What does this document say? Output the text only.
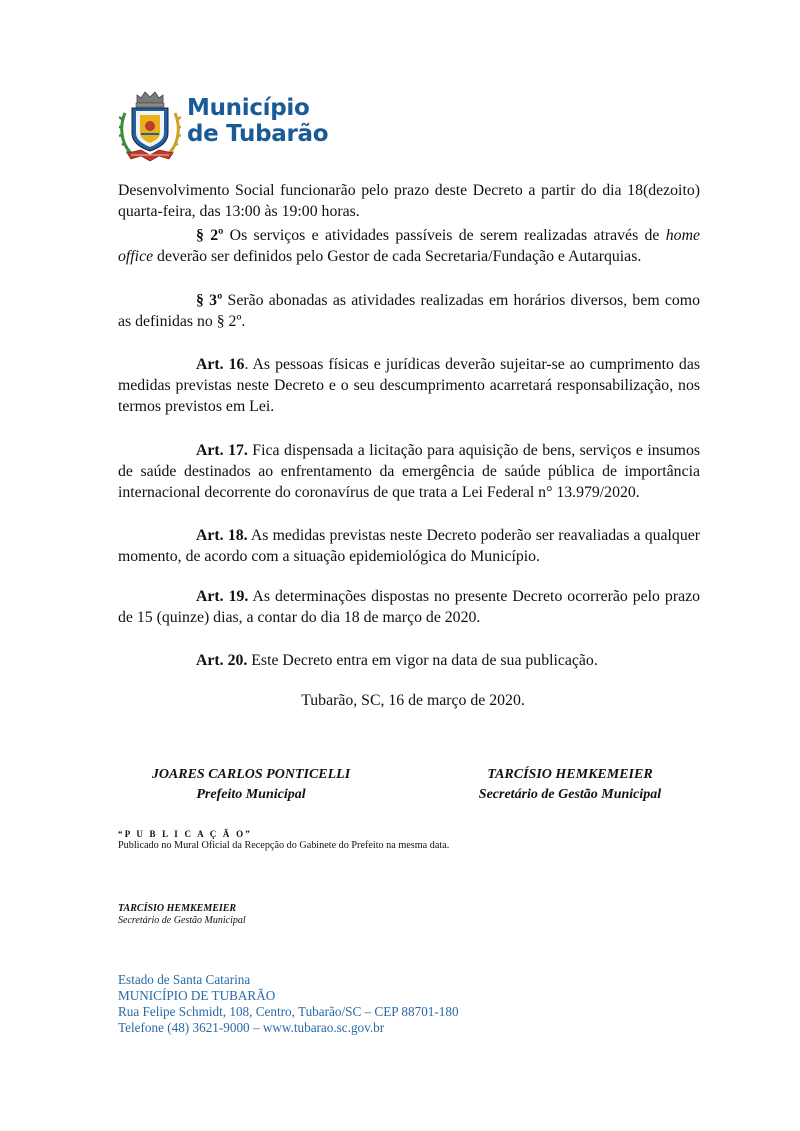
Município
de Tubarão

Desenvolvimento Social funcionarão pelo prazo deste Decreto a partir do dia 18(dezoito) quarta-feira, das 13:00 às 19:00 horas.

§ 2º Os serviços e atividades passíveis de serem realizadas através de home office deverão ser definidos pelo Gestor de cada Secretaria/Fundação e Autarquias.

§ 3º Serão abonadas as atividades realizadas em horários diversos, bem como as definidas no § 2º.

Art. 16. As pessoas físicas e jurídicas deverão sujeitar-se ao cumprimento das medidas previstas neste Decreto e o seu descumprimento acarretará responsabilização, nos termos previstos em Lei.

Art. 17. Fica dispensada a licitação para aquisição de bens, serviços e insumos de saúde destinados ao enfrentamento da emergência de saúde pública de importância internacional decorrente do coronavírus de que trata a Lei Federal n° 13.979/2020.

Art. 18. As medidas previstas neste Decreto poderão ser reavaliadas a qualquer momento, de acordo com a situação epidemiológica do Município.

Art. 19. As determinações dispostas no presente Decreto ocorrerão pelo prazo de 15 (quinze) dias, a contar do dia 18 de março de 2020.

Art. 20. Este Decreto entra em vigor na data de sua publicação.

Tubarão, SC, 16 de março de 2020.
JOARES CARLOS PONTICELLI
Prefeito Municipal
TARCÍSIO HEMKEMEIER
Secretário de Gestão Municipal
“P U B L I C A Ç Ã O”
Publicado no Mural Oficial da Recepção do Gabinete do Prefeito na mesma data.
TARCÍSIO HEMKEMEIER
Secretário de Gestão Municipal
Estado de Santa Catarina
MUNICÍPIO DE TUBARÃO
Rua Felipe Schmidt, 108, Centro, Tubarão/SC – CEP 88701-180
Telefone (48) 3621-9000 – www.tubarao.sc.gov.br
